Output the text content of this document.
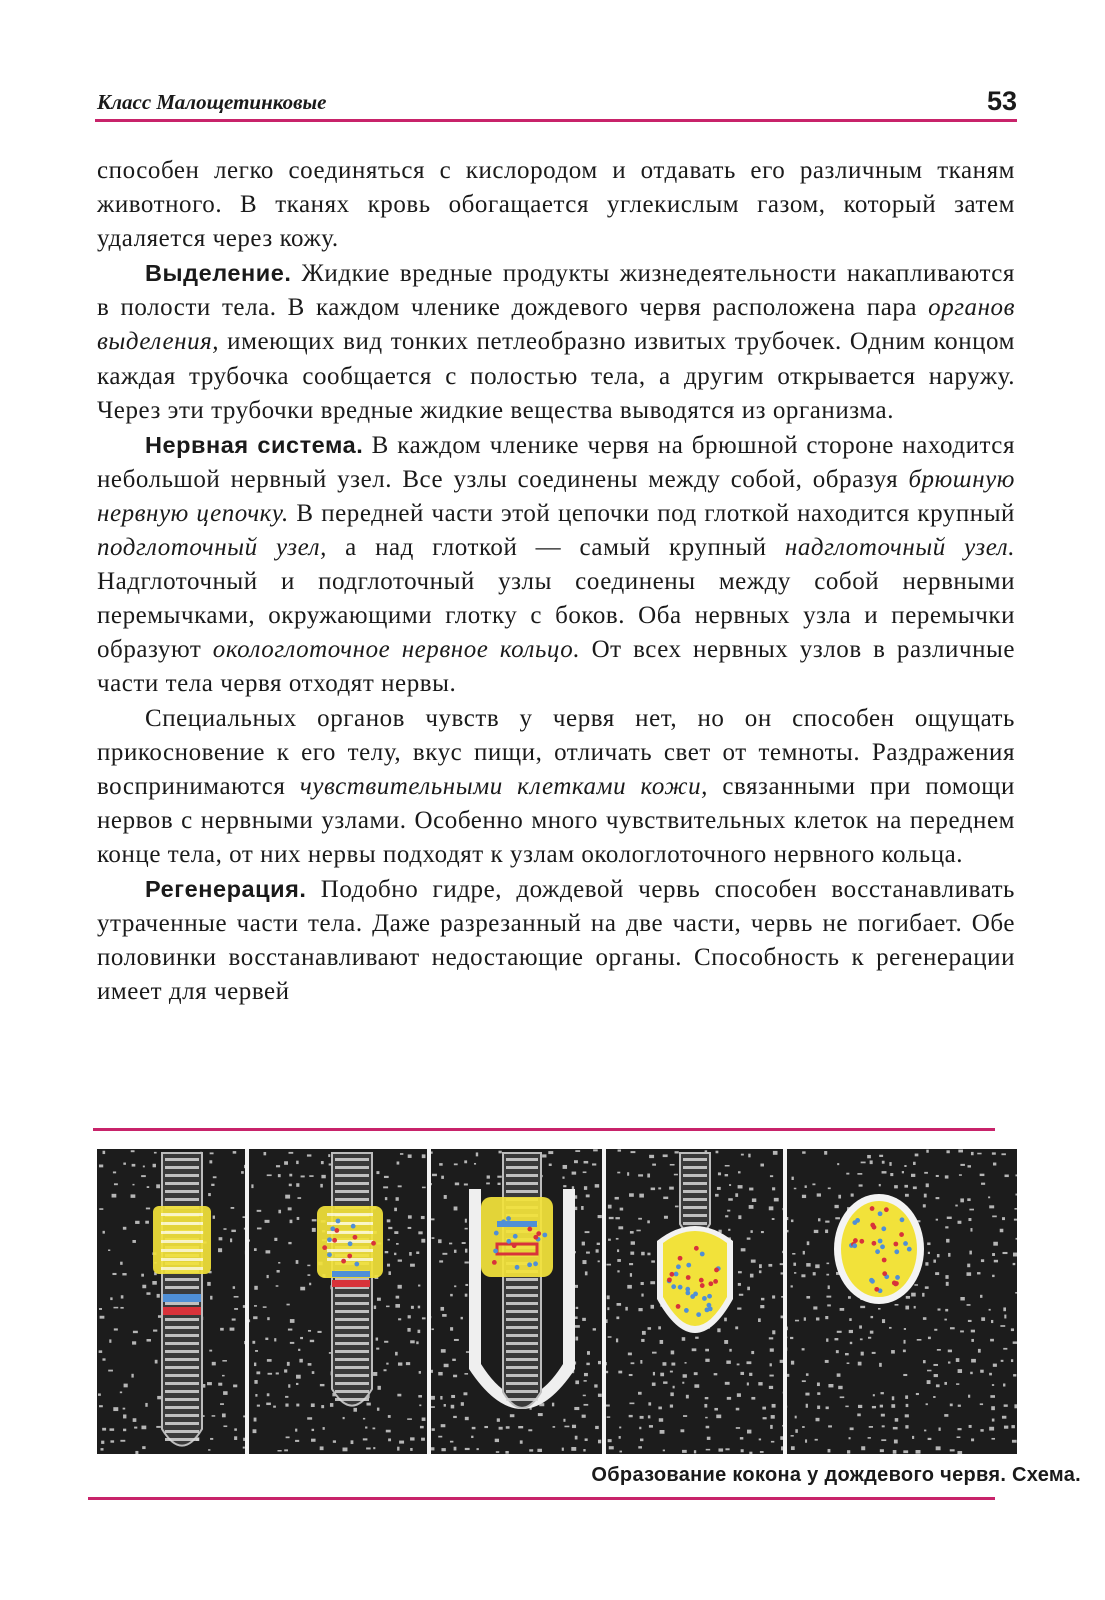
Класс Малощетинковые	53

способен легко соединяться с кислородом и отдавать его различным тканям животного. В тканях кровь обогащается углекислым газом, который затем удаляется через кожу.

Выделение. Жидкие вредные продукты жизнедеятельности накапливаются в полости тела. В каждом членике дождевого червя расположена пара органов выделения, имеющих вид тонких петлеобразно извитых трубочек. Одним концом каждая трубочка сообщается с полостью тела, а другим открывается наружу. Через эти трубочки вредные жидкие вещества выводятся из организма.

Нервная система. В каждом членике червя на брюшной стороне находится небольшой нервный узел. Все узлы соединены между собой, образуя брюшную нервную цепочку. В передней части этой цепочки под глоткой находится крупный подглоточный узел, а над глоткой — самый крупный надглоточный узел. Надглоточный и подглоточный узлы соединены между собой нервными перемычками, окружающими глотку с боков. Оба нервных узла и перемычки образуют окологлоточное нервное кольцо. От всех нервных узлов в различные части тела червя отходят нервы.

Специальных органов чувств у червя нет, но он способен ощущать прикосновение к его телу, вкус пищи, отличать свет от темноты. Раздражения воспринимаются чувствительными клетками кожи, связанными при помощи нервов с нервными узлами. Особенно много чувствительных клеток на переднем конце тела, от них нервы подходят к узлам окологлоточного нервного кольца.

Регенерация. Подобно гидре, дождевой червь способен восстанавливать утраченные части тела. Даже разрезанный на две части, червь не погибает. Обе половинки восстанавливают недостающие органы. Способность к регенерации имеет для червей

Образование кокона у дождевого червя. Схема.
